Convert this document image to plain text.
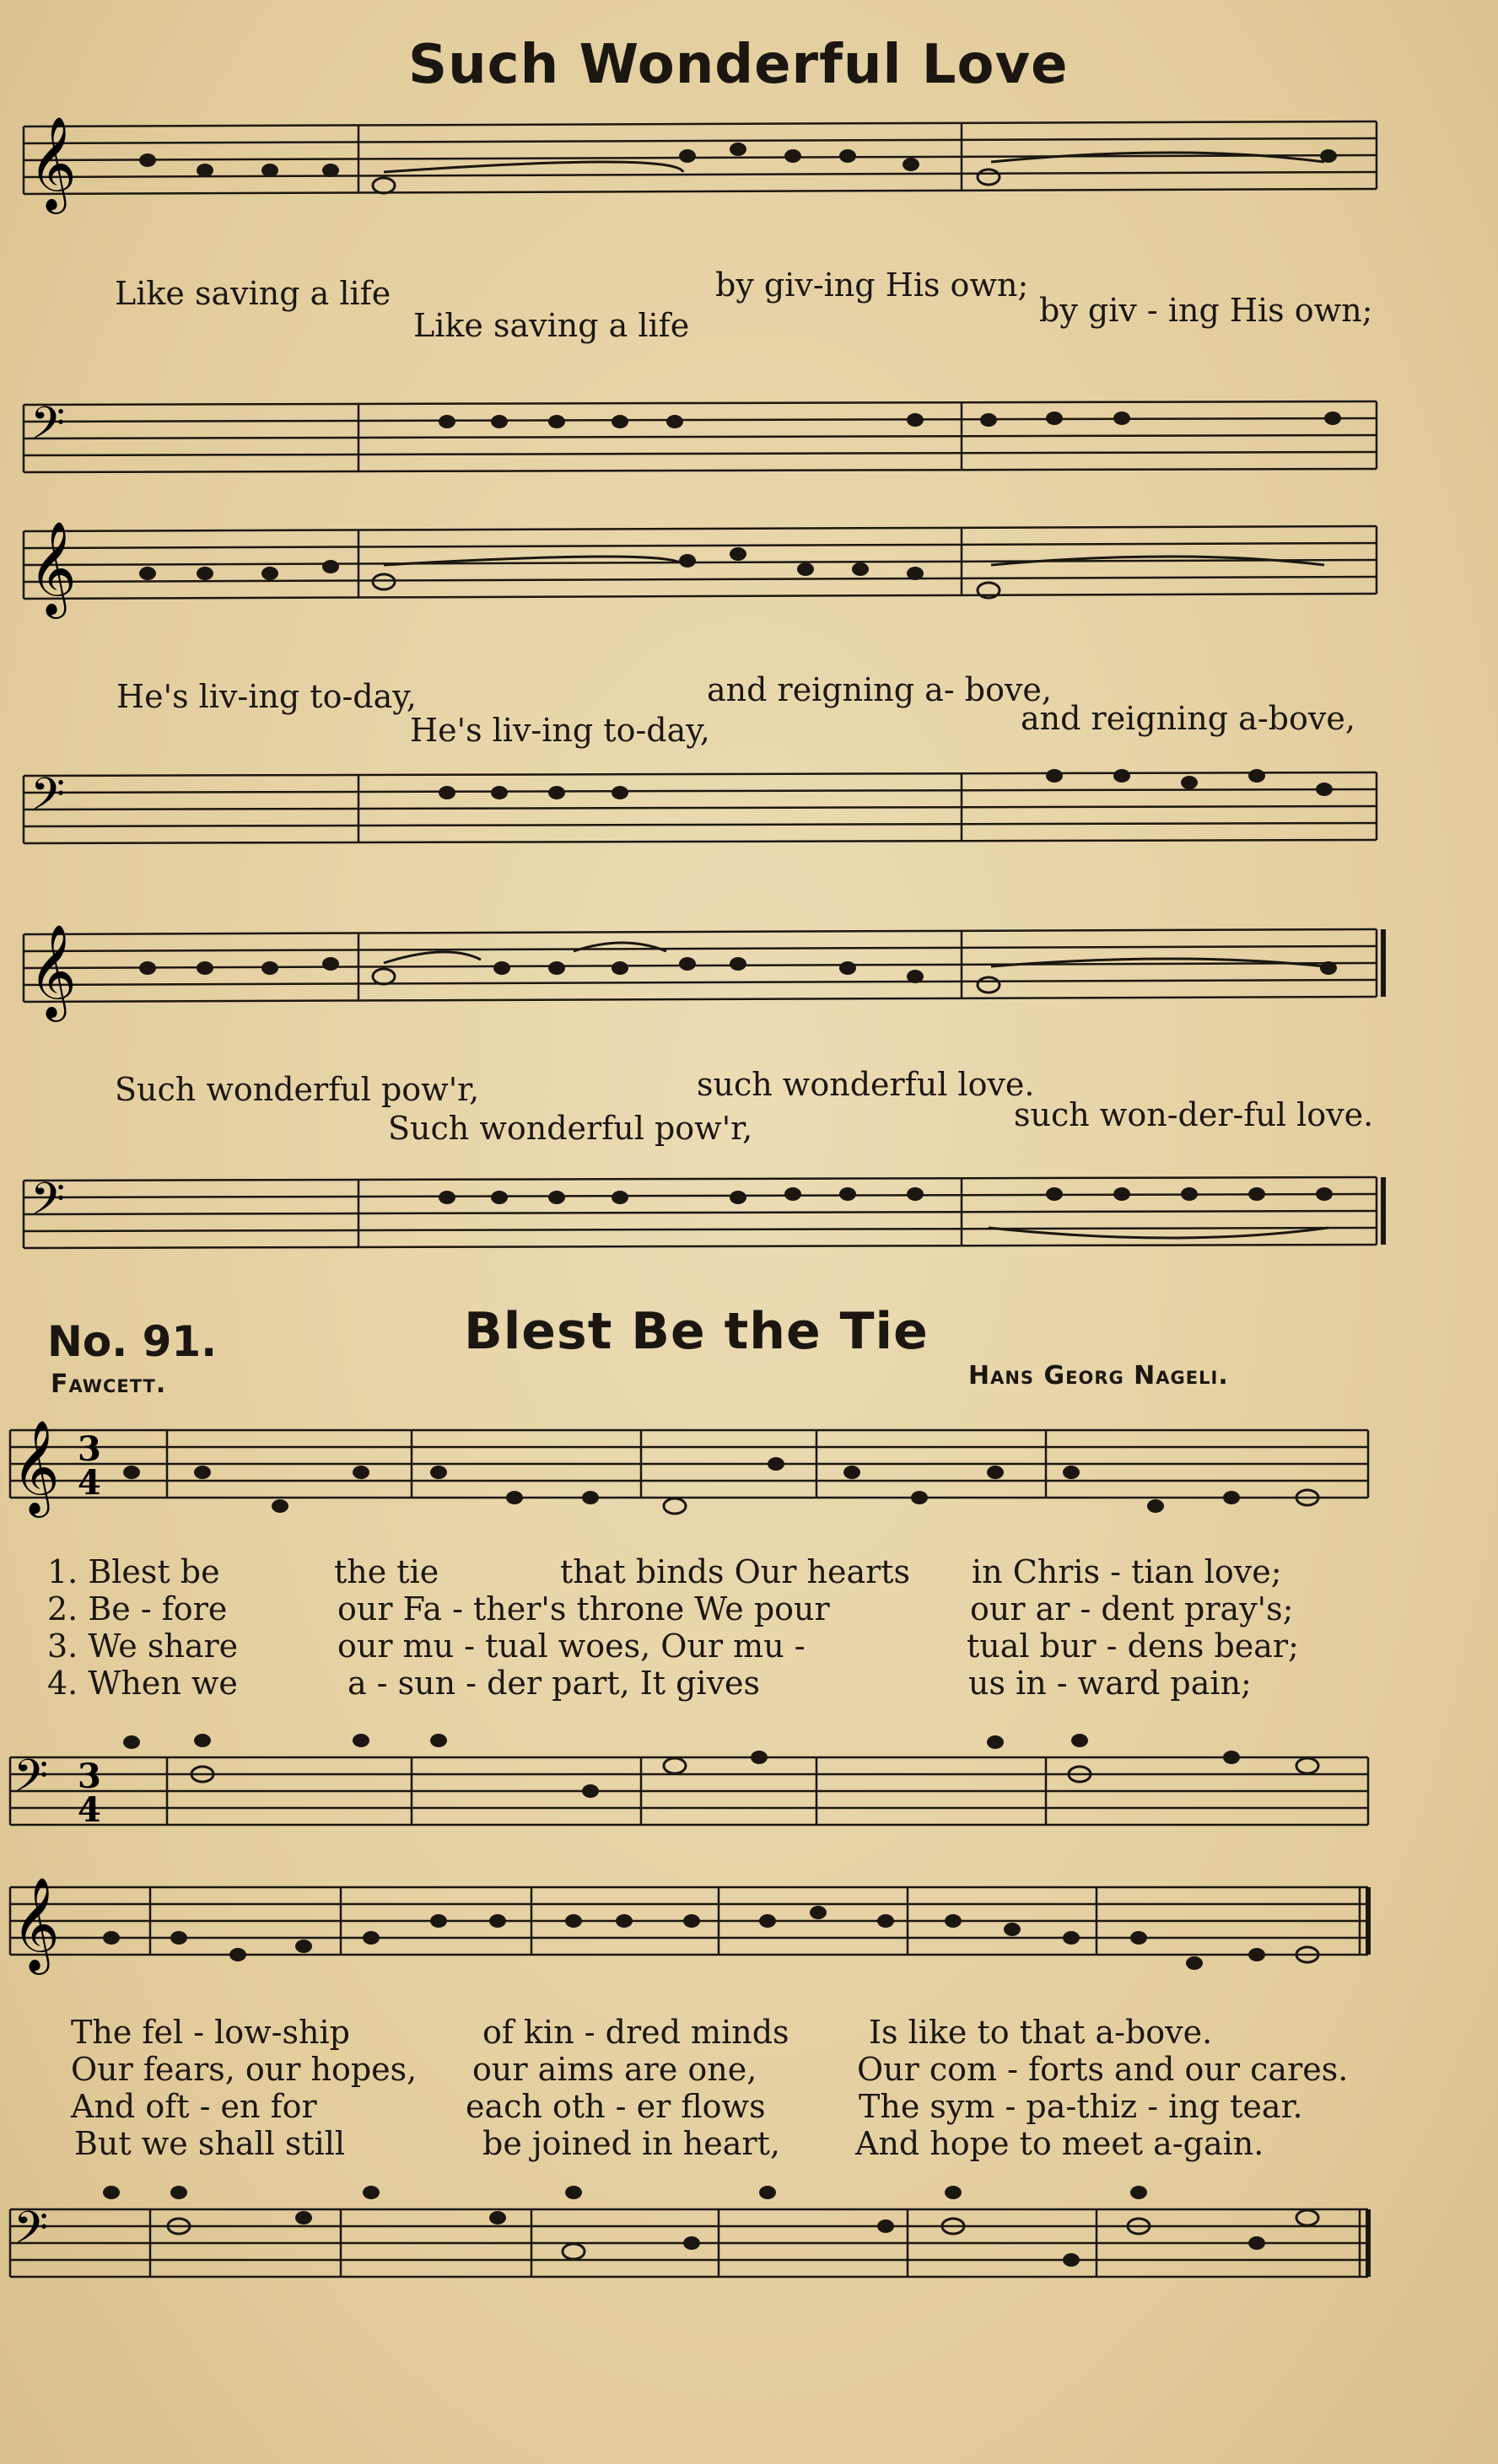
Such Wonderful Love
𝄞
Like saving a life	by giv-ing His own;
Like saving a life	by giv - ing His own;
𝄢
𝄞
He's liv-ing to-day,	and reigning a- bove,
He's liv-ing to-day,	and reigning a-bove,
𝄢
𝄞
Such wonderful pow'r,	such wonderful love.
Such wonderful pow'r,	such won-der-ful love.
𝄢
No. 91.	Blest Be the Tie
Fawcett.	Hans Georg Nageli.
𝄞 3
4
1. Blest be	the tie	that binds Our hearts in Chris - tian love;
2. Be - fore	our Fa - ther's throne We pour	our ar - dent pray's;
3. We share	our mu - tual woes, Our mu -	tual bur - dens bear;
4. When we	a - sun - der part, It gives	us in - ward pain;
𝄢 3
4
𝄞
The fel - low-ship	of kin - dred minds Is like to that a-bove.
Our fears, our hopes, our aims are one,	Our com - forts and our cares.
And oft - en for	each oth - er flows	The sym - pa-thiz - ing tear.
But we shall still	be joined in heart, And hope to meet a-gain.
𝄢
